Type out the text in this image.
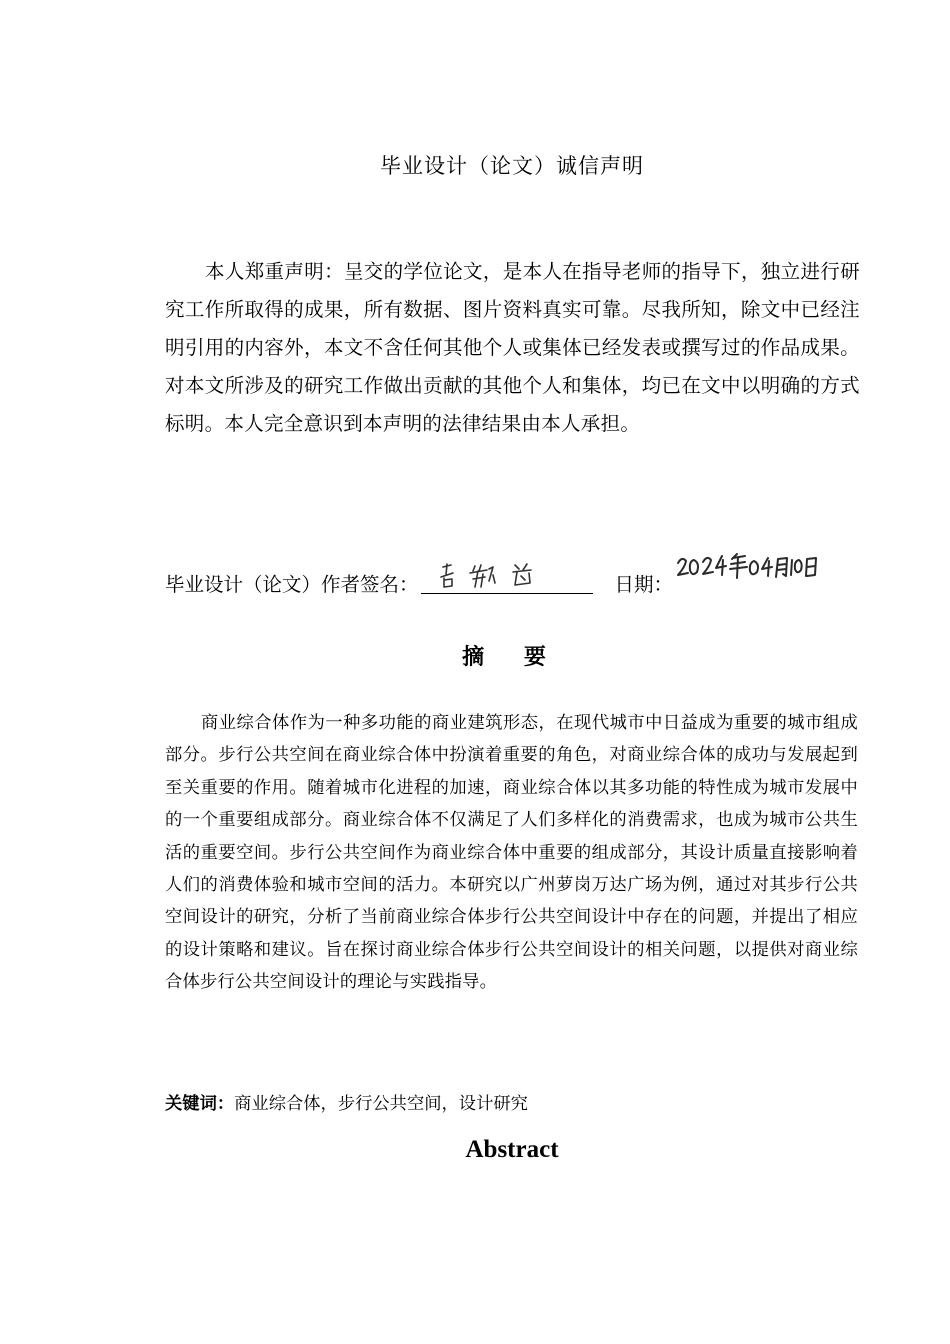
毕业设计（论文）诚信声明
本人郑重声明：呈交的学位论文，是本人在指导老师的指导下，独立进行研究工作所取得的成果，所有数据、图片资料真实可靠。尽我所知，除文中已经注明引用的内容外，本文不含任何其他个人或集体已经发表或撰写过的作品成果。对本文所涉及的研究工作做出贡献的其他个人和集体，均已在文中以明确的方式标明。本人完全意识到本声明的法律结果由本人承担。
毕业设计（论文）作者签名：	日期：
摘 要
商业综合体作为一种多功能的商业建筑形态，在现代城市中日益成为重要的城市组成部分。步行公共空间在商业综合体中扮演着重要的角色，对商业综合体的成功与发展起到至关重要的作用。随着城市化进程的加速，商业综合体以其多功能的特性成为城市发展中的一个重要组成部分。商业综合体不仅满足了人们多样化的消费需求，也成为城市公共生活的重要空间。步行公共空间作为商业综合体中重要的组成部分，其设计质量直接影响着人们的消费体验和城市空间的活力。本研究以广州萝岗万达广场为例，通过对其步行公共空间设计的研究，分析了当前商业综合体步行公共空间设计中存在的问题，并提出了相应的设计策略和建议。旨在探讨商业综合体步行公共空间设计的相关问题，以提供对商业综合体步行公共空间设计的理论与实践指导。
关键词：商业综合体，步行公共空间，设计研究
Abstract
